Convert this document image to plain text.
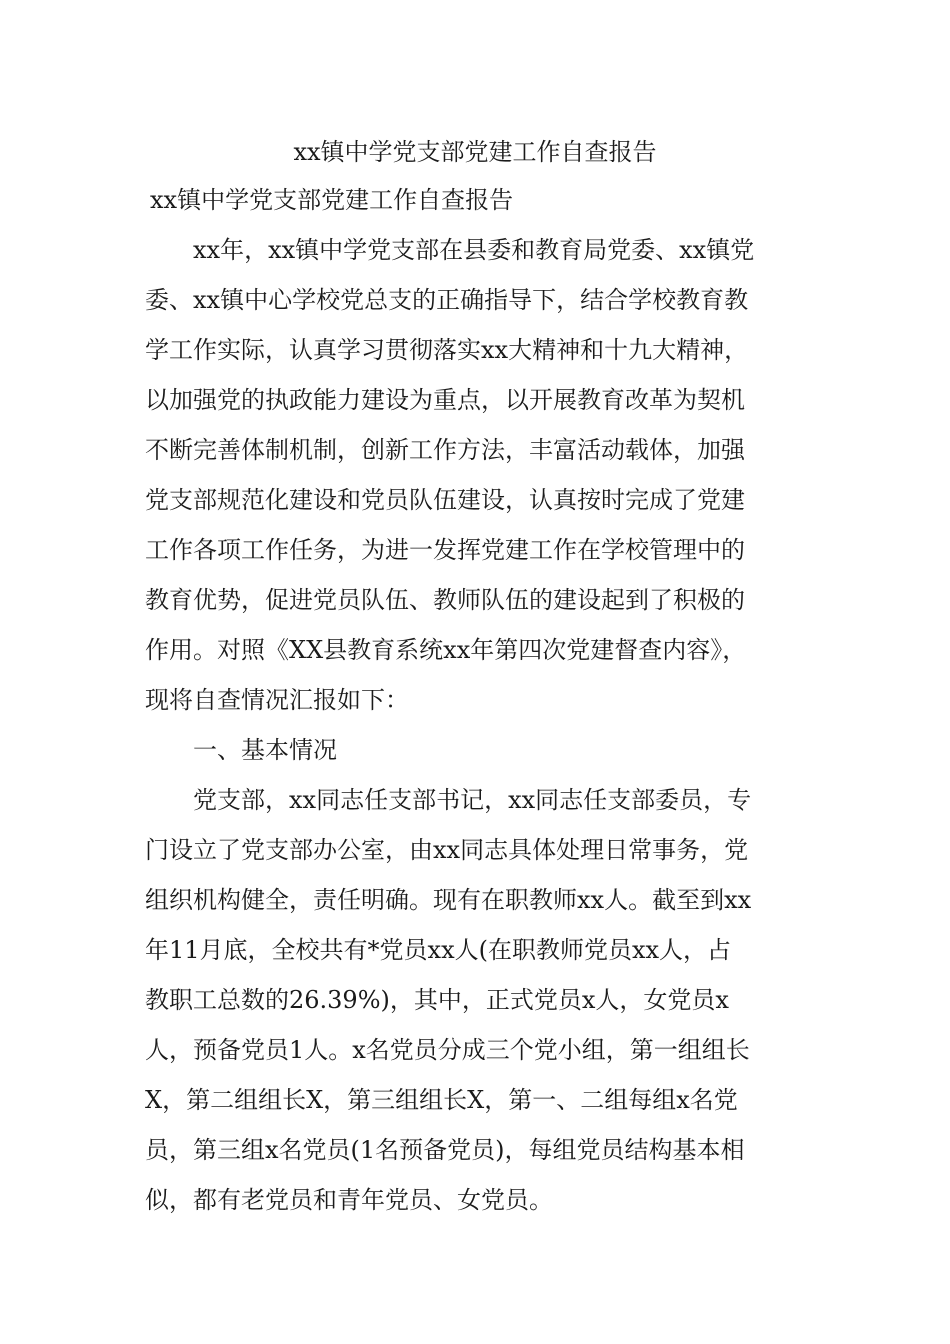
xx镇中学党支部党建工作自查报告
xx镇中学党支部党建工作自查报告
xx年，xx镇中学党支部在县委和教育局党委、xx镇党
委、xx镇中心学校党总支的正确指导下，结合学校教育教
学工作实际，认真学习贯彻落实xx大精神和十九大精神，
以加强党的执政能力建设为重点，以开展教育改革为契机
不断完善体制机制，创新工作方法，丰富活动载体，加强
党支部规范化建设和党员队伍建设，认真按时完成了党建
工作各项工作任务，为进一发挥党建工作在学校管理中的
教育优势，促进党员队伍、教师队伍的建设起到了积极的
作用。对照《XX县教育系统xx年第四次党建督查内容》，
现将自查情况汇报如下：
一、基本情况
党支部，xx同志任支部书记，xx同志任支部委员，专
门设立了党支部办公室，由xx同志具体处理日常事务，党
组织机构健全，责任明确。现有在职教师xx人。截至到xx
年11月底，全校共有*党员xx人(在职教师党员xx人，占
教职工总数的26.39%)，其中，正式党员x人，女党员x
人，预备党员1人。x名党员分成三个党小组，第一组组长
X，第二组组长X，第三组组长X，第一、二组每组x名党
员，第三组x名党员(1名预备党员)，每组党员结构基本相
似，都有老党员和青年党员、女党员。
